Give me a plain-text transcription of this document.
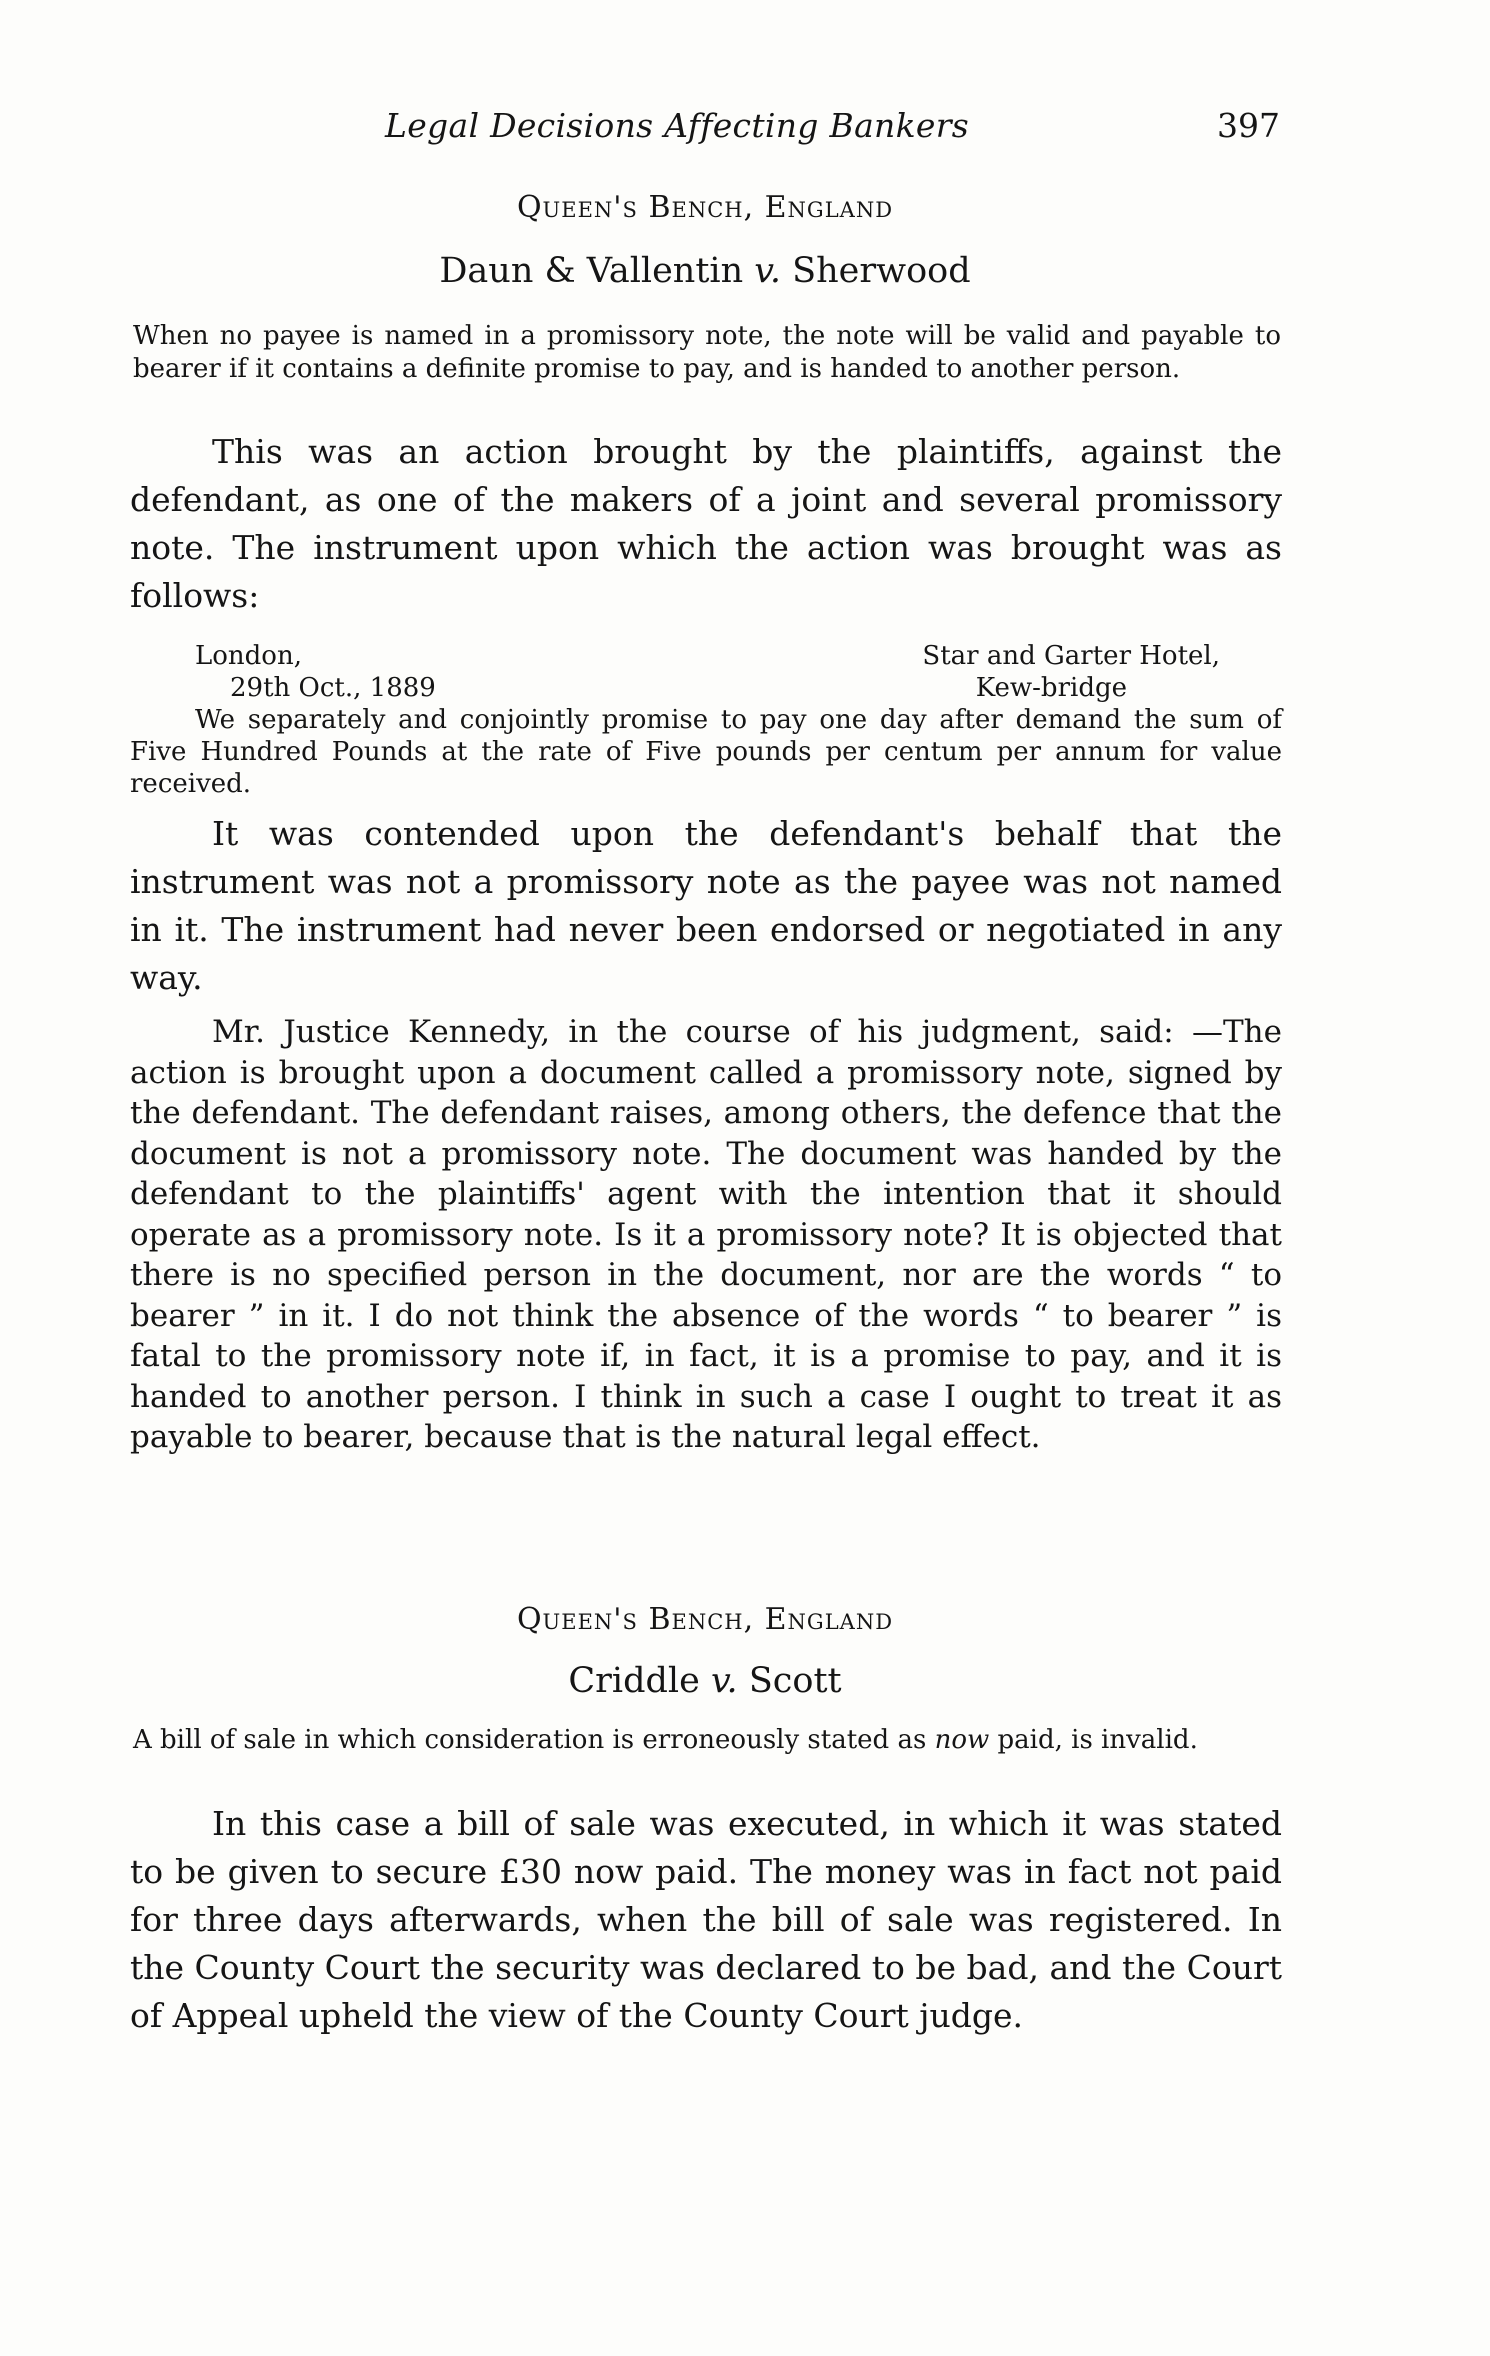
Legal Decisions Affecting Bankers	397
Queen's Bench, England
Daun & Vallentin v. Sherwood
When no payee is named in a promissory note, the note will be valid and payable to bearer if it contains a definite promise to pay, and is handed to another person.
This was an action brought by the plaintiffs, against the defendant, as one of the makers of a joint and several promissory note. The instrument upon which the action was brought was as follows:
London,	Star and Garter Hotel,
29th Oct., 1889	Kew-bridge
We separately and conjointly promise to pay one day after demand the sum of Five Hundred Pounds at the rate of Five pounds per centum per annum for value received.
It was contended upon the defendant's behalf that the instrument was not a promissory note as the payee was not named in it. The instrument had never been endorsed or negotiated in any way.
Mr. Justice Kennedy, in the course of his judgment, said: —The action is brought upon a document called a promissory note, signed by the defendant. The defendant raises, among others, the defence that the document is not a promissory note. The document was handed by the defendant to the plaintiffs' agent with the intention that it should operate as a promissory note. Is it a promissory note? It is objected that there is no specified person in the document, nor are the words “ to bearer ” in it. I do not think the absence of the words “ to bearer ” is fatal to the promissory note if, in fact, it is a promise to pay, and it is handed to another person. I think in such a case I ought to treat it as payable to bearer, because that is the natural legal effect.
Queen's Bench, England
Criddle v. Scott
A bill of sale in which consideration is erroneously stated as now paid, is invalid.
In this case a bill of sale was executed, in which it was stated to be given to secure £30 now paid. The money was in fact not paid for three days afterwards, when the bill of sale was registered. In the County Court the security was declared to be bad, and the Court of Appeal upheld the view of the County Court judge.
